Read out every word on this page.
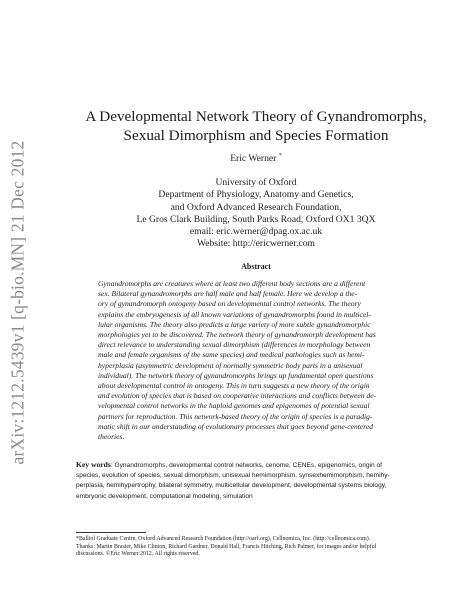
arXiv:1212.5439v1 [q-bio.MN] 21 Dec 2012
A Developmental Network Theory of Gynandromorphs,
Sexual Dimorphism and Species Formation
Eric Werner *
University of Oxford
Department of Physiology, Anatomy and Genetics,
and Oxford Advanced Research Foundation,
Le Gros Clark Building, South Parks Road, Oxford OX1 3QX
email: eric.werner@dpag.ox.ac.uk
Website: http://ericwerner.com
Abstract
Gynandromorphs are creatures where at least two different body sections are a different
sex. Bilateral gynandromorphs are half male and half female. Here we develop a the-
ory of gynandromorph ontogeny based on developmental control networks. The theory
explains the embryogenesis of all known variations of gynandromorphs found in multicel-
lular organisms. The theory also predicts a large variety of more subtle gynandromorphic
morphologies yet to be discovered. The network theory of gynandromorph development has
direct relevance to understanding sexual dimorphism (differences in morphology between
male and female organisms of the same species) and medical pathologies such as hemi-
hyperplasia (asymmetric development of normally symmetric body parts in a unisexual
individual). The network theory of gynandromorphs brings up fundamental open questions
about developmental control in ontogeny. This in turn suggests a new theory of the origin
and evolution of species that is based on cooperative interactions and conflicts between de-
velopmental control networks in the haploid genomes and epigenomes of potential sexual
partners for reproduction. This network-based theory of the origin of species is a paradig-
matic shift in our understanding of evolutionary processes that goes beyond gene-centered
theories.
Key words: Gynandromorphs, developmental control networks, cenome, CENEs, epigenomics, origin of
species, evolution of species, sexual dimorphism, unisexual hemimorphism, synsexhemimorphism, hemihy-
perplasia, hemihypertrophy, bilateral symmetry, multicellular development, developmental systems biology,
embryonic development, computational modeling, simulation
*Balliol Graduate Centre, Oxford Advanced Research Foundation (http://oarf.org), Cellnomica, Inc. (http://cellnomica.com).
Thanks: Martin Brasier, Mike Clinton, Richard Gardner, Donald Hall, Francis Hitching, Rich Palmer, for images and/or helpful
discussions. ©Eric Werner 2012. All rights reserved.
